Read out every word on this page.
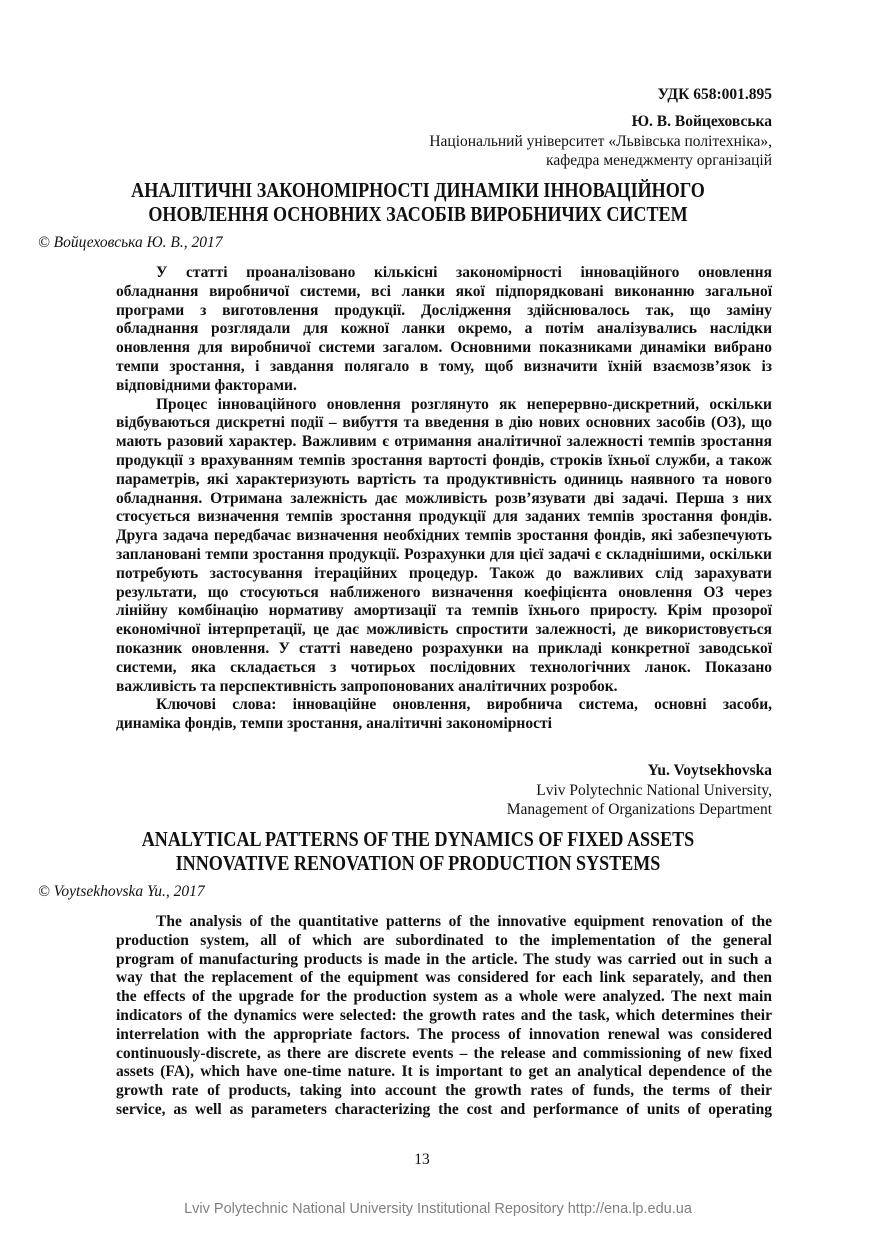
УДК 658:001.895
Ю. В. Войцеховська
Національний університет «Львівська політехніка»,
кафедра менеджменту організацій
АНАЛІТИЧНІ ЗАКОНОМІРНОСТІ ДИНАМІКИ ІННОВАЦІЙНОГО
ОНОВЛЕННЯ ОСНОВНИХ ЗАСОБІВ ВИРОБНИЧИХ СИСТЕМ
© Войцеховська Ю. В., 2017
У статті проаналізовано кількісні закономірності інноваційного оновлення
обладнання виробничої системи, всі ланки якої підпорядковані виконанню загальної
програми з виготовлення продукції. Дослідження здійснювалось так, що заміну
обладнання розглядали для кожної ланки окремо, а потім аналізувались наслідки
оновлення для виробничої системи загалом. Основними показниками динаміки вибрано
темпи зростання, і завдання полягало в тому, щоб визначити їхній взаємозв’язок із
відповідними факторами.
Процес інноваційного оновлення розглянуто як неперервно-дискретний, оскільки
відбуваються дискретні події – вибуття та введення в дію нових основних засобів (ОЗ), що
мають разовий характер. Важливим є отримання аналітичної залежності темпів зростання
продукції з врахуванням темпів зростання вартості фондів, строків їхньої служби, а також
параметрів, які характеризують вартість та продуктивність одиниць наявного та нового
обладнання. Отримана залежність дає можливість розв’язувати дві задачі. Перша з них
стосується визначення темпів зростання продукції для заданих темпів зростання фондів.
Друга задача передбачає визначення необхідних темпів зростання фондів, які забезпечують
заплановані темпи зростання продукції. Розрахунки для цієї задачі є складнішими, оскільки
потребують застосування ітераційних процедур. Також до важливих слід зарахувати
результати, що стосуються наближеного визначення коефіцієнта оновлення ОЗ через
лінійну комбінацію нормативу амортизації та темпів їхнього приросту. Крім прозорої
економічної інтерпретації, це дає можливість спростити залежності, де використовується
показник оновлення. У статті наведено розрахунки на прикладі конкретної заводської
системи, яка складається з чотирьох послідовних технологічних ланок. Показано
важливість та перспективність запропонованих аналітичних розробок.
Ключові слова: інноваційне оновлення, виробнича система, основні засоби,
динаміка фондів, темпи зростання, аналітичні закономірності
Yu. Voytsekhovska
Lviv Polytechnic National University,
Management of Organizations Department
ANALYTICAL PATTERNS OF THE DYNAMICS OF FIXED ASSETS
INNOVATIVE RENOVATION OF PRODUCTION SYSTEMS
© Voytsekhovska Yu., 2017
The analysis of the quantitative patterns of the innovative equipment renovation of the
production system, all of which are subordinated to the implementation of the general
program of manufacturing products is made in the article. The study was carried out in such a
way that the replacement of the equipment was considered for each link separately, and then
the effects of the upgrade for the production system as a whole were analyzed. The next main
indicators of the dynamics were selected: the growth rates and the task, which determines their
interrelation with the appropriate factors. The process of innovation renewal was considered
continuously-discrete, as there are discrete events – the release and commissioning of new fixed
assets (FA), which have one-time nature. It is important to get an analytical dependence of the
growth rate of products, taking into account the growth rates of funds, the terms of their
service, as well as parameters characterizing the cost and performance of units of operating
13
Lviv Polytechnic National University Institutional Repository http://ena.lp.edu.ua
